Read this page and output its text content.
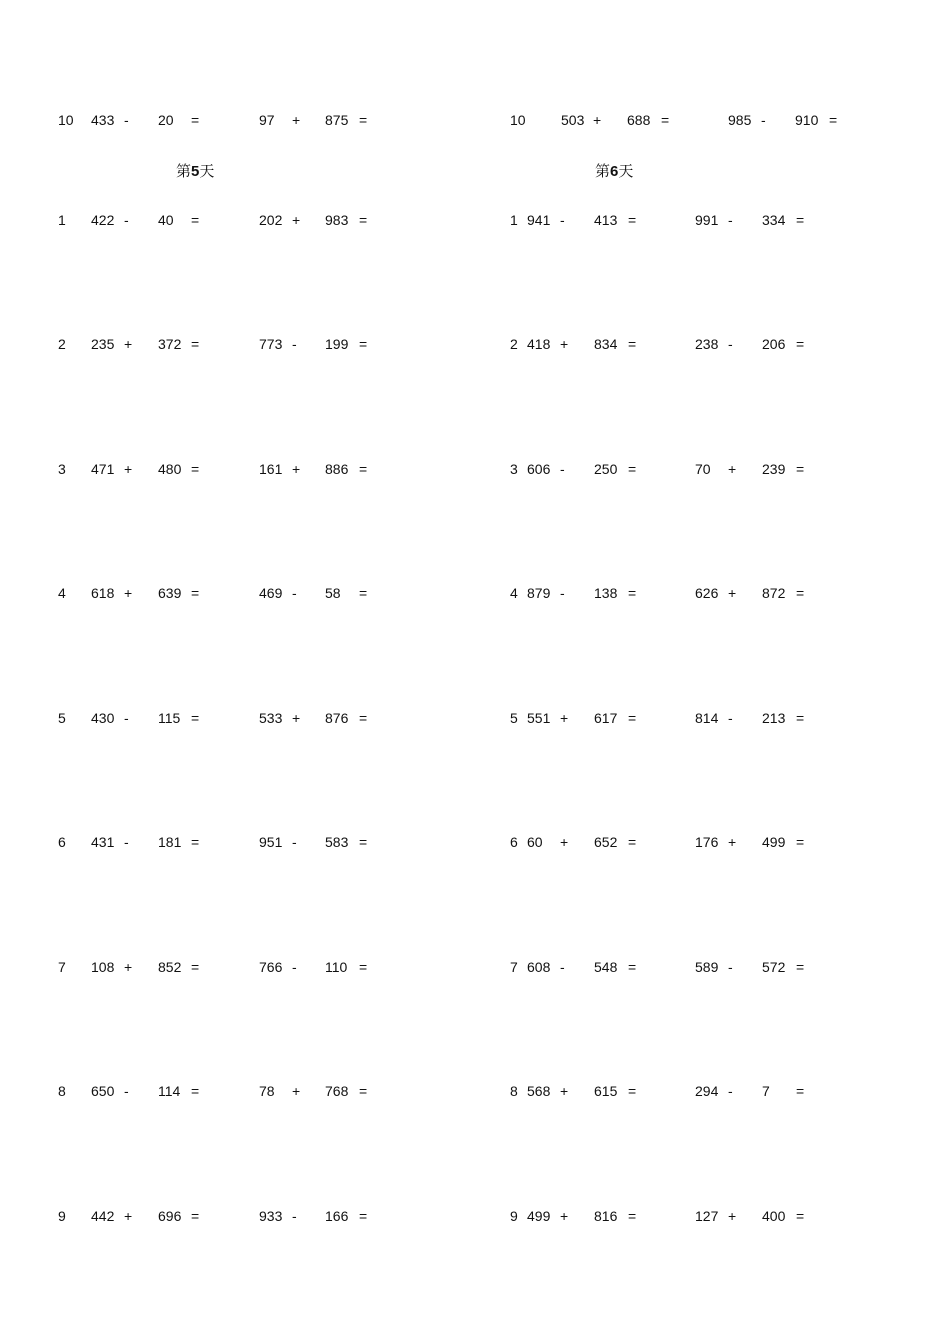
10 433 - 20 =	97 + 875 =	10	503 + 688 =	985 - 910 =
第5天	第6天
1 422 - 40 =	202 + 983 =
2 235 + 372 =	773 - 199 =
3 471 + 480 =	161 + 886 =
4 618 + 639 =	469 - 58 =
5 430 - 115 =	533 + 876 =
6 431 - 181 =	951 - 583 =
7 108 + 852 =	766 - 110 =
8 650 - 114 =	78 + 768 =
9 442 + 696 =	933 - 166 =
1 941 - 413 =	991 - 334 =
2 418 + 834 =	238 - 206 =
3 606 - 250 =	70 + 239 =
4 879 - 138 =	626 + 872 =
5 551 + 617 =	814 - 213 =
6 60 + 652 =	176 + 499 =
7 608 - 548 =	589 - 572 =
8 568 + 615 =	294 - 7 =
9 499 + 816 =	127 + 400 =
